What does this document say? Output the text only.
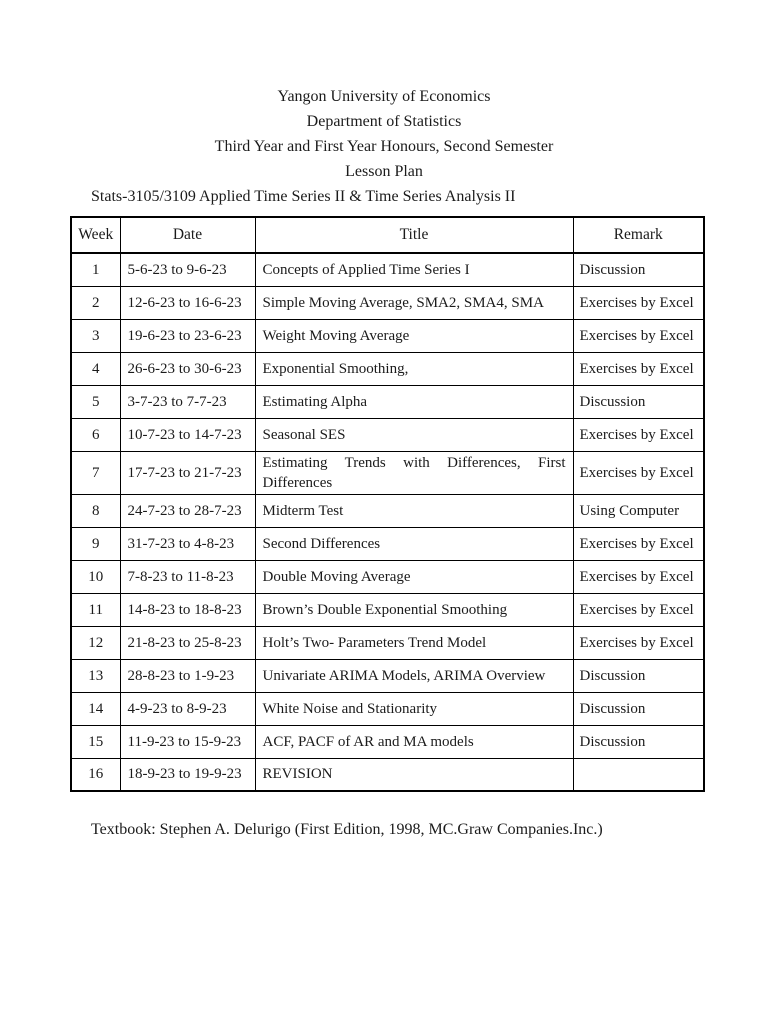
Yangon University of Economics
Department of Statistics
Third Year and First Year Honours, Second Semester
Lesson Plan
Stats-3105/3109 Applied Time Series II & Time Series Analysis II
Week	Date	Title	Remark
1	5-6-23 to 9-6-23	Concepts of Applied Time Series I	Discussion
2	12-6-23 to 16-6-23	Simple Moving Average, SMA2, SMA4, SMA	Exercises by Excel
3	19-6-23 to 23-6-23	Weight Moving Average	Exercises by Excel
4	26-6-23 to 30-6-23	Exponential Smoothing,	Exercises by Excel
5	3-7-23 to 7-7-23	Estimating Alpha	Discussion
6	10-7-23 to 14-7-23	Seasonal SES	Exercises by Excel
7	17-7-23 to 21-7-23	Estimating Trends with Differences, First Differences	Exercises by Excel
8	24-7-23 to 28-7-23	Midterm Test	Using Computer
9	31-7-23 to 4-8-23	Second Differences	Exercises by Excel
10	7-8-23 to 11-8-23	Double Moving Average	Exercises by Excel
11	14-8-23 to 18-8-23	Brown’s Double Exponential Smoothing	Exercises by Excel
12	21-8-23 to 25-8-23	Holt’s Two- Parameters Trend Model	Exercises by Excel
13	28-8-23 to 1-9-23	Univariate ARIMA Models, ARIMA Overview	Discussion
14	4-9-23 to 8-9-23	White Noise and Stationarity	Discussion
15	11-9-23 to 15-9-23	ACF, PACF of AR and MA models	Discussion
16	18-9-23 to 19-9-23	REVISION	
Textbook: Stephen A. Delurigo (First Edition, 1998, MC.Graw Companies.Inc.)
